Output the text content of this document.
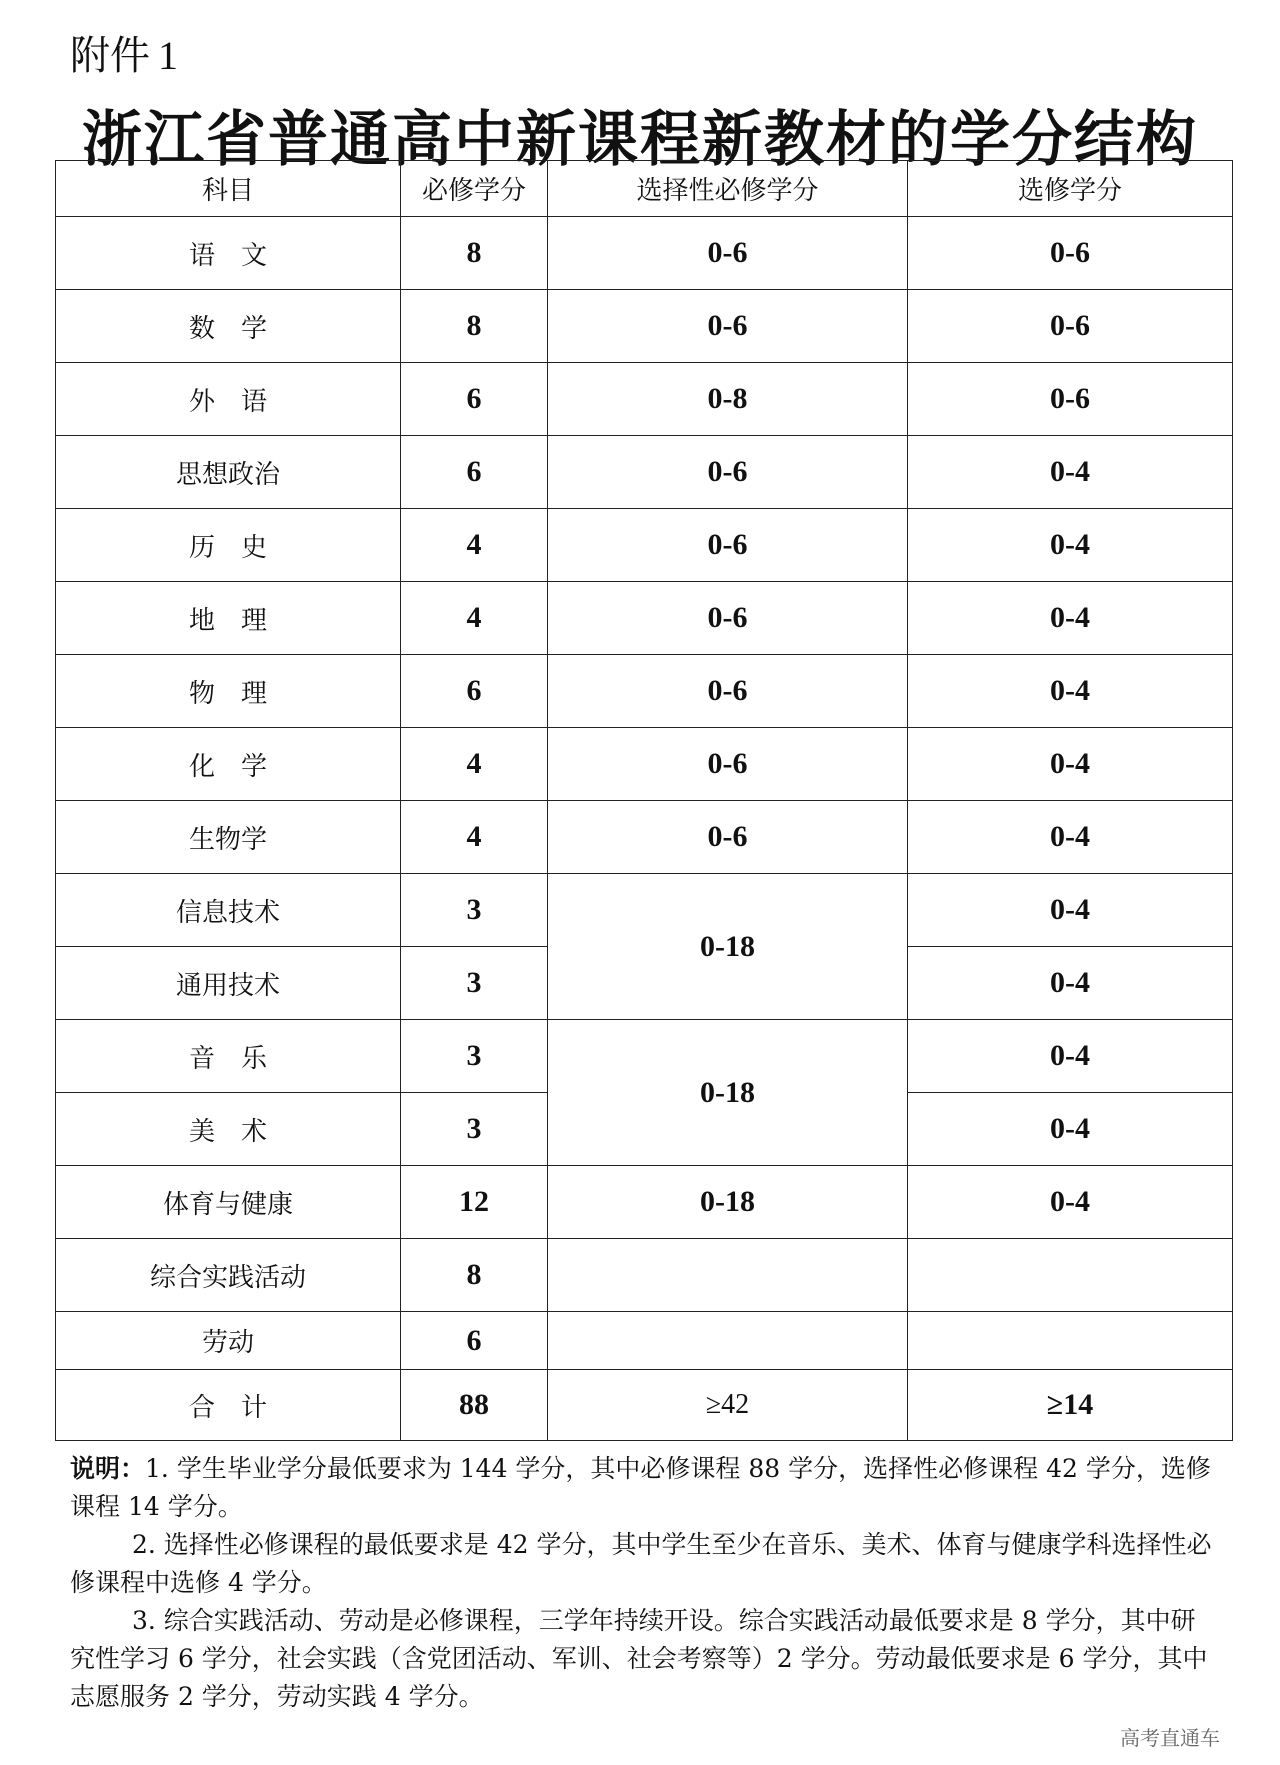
附件 1
浙江省普通高中新课程新教材的学分结构
科目	必修学分	选择性必修学分	选修学分
语　文	8	0-6	0-6
数　学	8	0-6	0-6
外　语	6	0-8	0-6
思想政治	6	0-6	0-4
历　史	4	0-6	0-4
地　理	4	0-6	0-4
物　理	6	0-6	0-4
化　学	4	0-6	0-4
生物学	4	0-6	0-4
信息技术	3	0-18	0-4
通用技术	3		0-4
音　乐	3	0-18	0-4
美　术	3		0-4
体育与健康	12	0-18	0-4
综合实践活动	8		
劳动	6		
合　计	88	≥42	≥14

说明：1. 学生毕业学分最低要求为 144 学分，其中必修课程 88 学分，选择性必修课程 42 学分，选修课程 14 学分。

2. 选择性必修课程的最低要求是 42 学分，其中学生至少在音乐、美术、体育与健康学科选择性必修课程中选修 4 学分。

3. 综合实践活动、劳动是必修课程，三学年持续开设。综合实践活动最低要求是 8 学分，其中研究性学习 6 学分，社会实践（含党团活动、军训、社会考察等）2 学分。劳动最低要求是 6 学分，其中志愿服务 2 学分，劳动实践 4 学分。

高考直通车
